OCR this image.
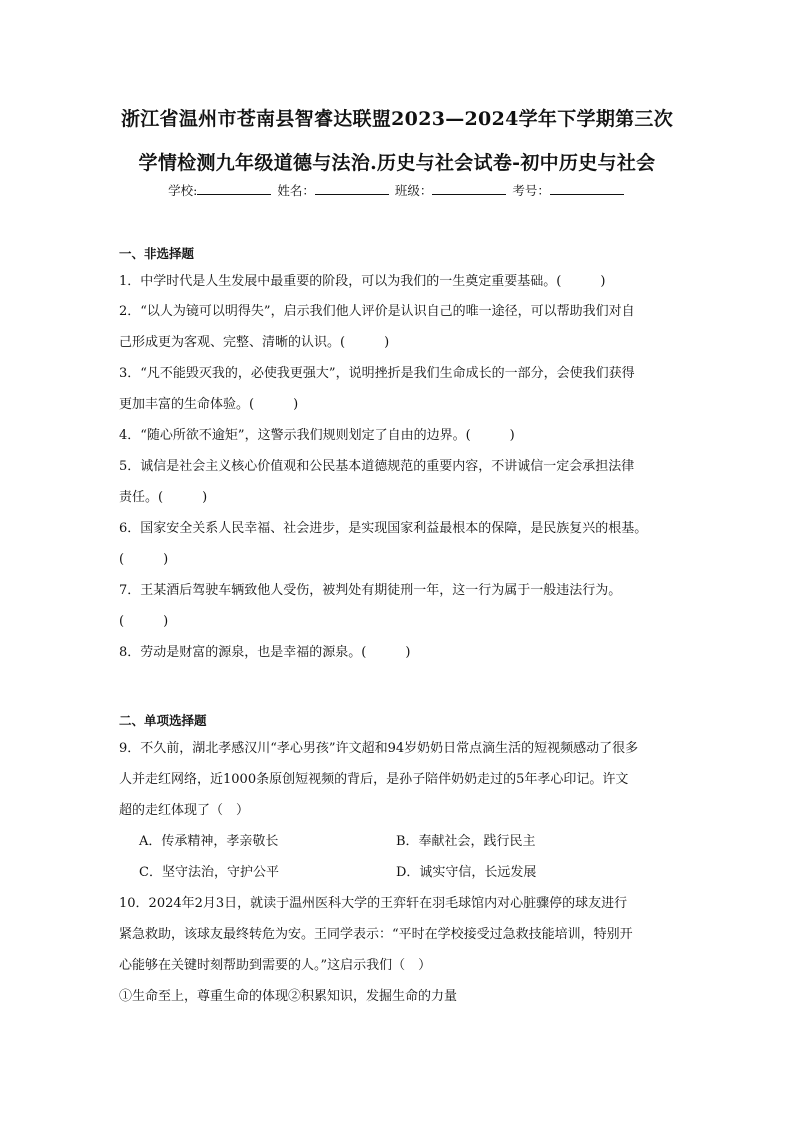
浙江省温州市苍南县智睿达联盟2023—2024学年下学期第三次
学情检测九年级道德与法治.历史与社会试卷-初中历史与社会
学校:	姓名：	班级：	考号：
一、非选择题
1．中学时代是人生发展中最重要的阶段，可以为我们的一生奠定重要基础。(　　　)
2．“以人为镜可以明得失”，启示我们他人评价是认识自己的唯一途径，可以帮助我们对自
己形成更为客观、完整、清晰的认识。(　　　)
3．“凡不能毁灭我的，必使我更强大”，说明挫折是我们生命成长的一部分，会使我们获得
更加丰富的生命体验。(　　　)
4．“随心所欲不逾矩”，这警示我们规则划定了自由的边界。(　　　)
5．诚信是社会主义核心价值观和公民基本道德规范的重要内容，不讲诚信一定会承担法律
责任。(　　　)
6．国家安全关系人民幸福、社会进步，是实现国家利益最根本的保障，是民族复兴的根基。
(　　　)
7．王某酒后驾驶车辆致他人受伤，被判处有期徒刑一年，这一行为属于一般违法行为。
(　　　)
8．劳动是财富的源泉，也是幸福的源泉。(　　　)
二、单项选择题
9．不久前，湖北孝感汉川“孝心男孩”许文超和94岁奶奶日常点滴生活的短视频感动了很多
人并走红网络，近1000条原创短视频的背后，是孙子陪伴奶奶走过的5年孝心印记。许文
超的走红体现了（　）
A．传承精神，孝亲敬长	B．奉献社会，践行民主
C．坚守法治，守护公平	D．诚实守信，长远发展
10．2024年2月3日，就读于温州医科大学的王弈轩在羽毛球馆内对心脏骤停的球友进行
紧急救助，该球友最终转危为安。王同学表示：“平时在学校接受过急救技能培训，特别开
心能够在关键时刻帮助到需要的人。”这启示我们（　）
①生命至上，尊重生命的体现②积累知识，发掘生命的力量
